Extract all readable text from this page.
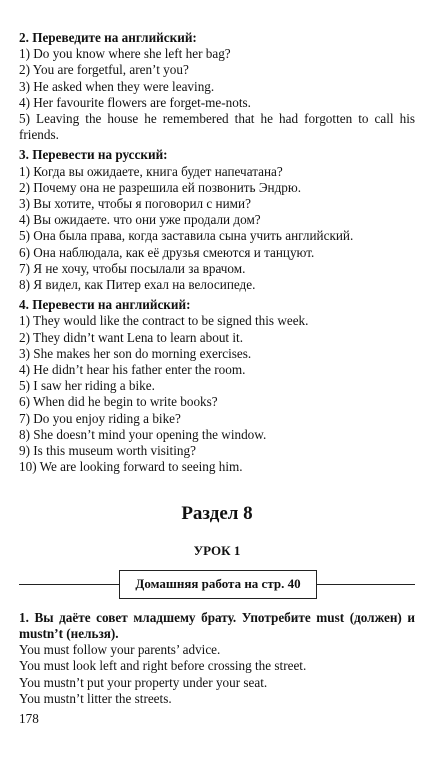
2. Переведите на английский:

1) Do you know where she left her bag?

2) You are forgetful, aren’t you?

3) He asked when they were leaving.

4) Her favourite flowers are forget-me-nots.

5) Leaving the house he remembered that he had forgotten to call his friends.

3. Перевести на русский:

1) Когда вы ожидаете, книга будет напечатана?

2) Почему она не разрешила ей позвонить Эндрю.

3) Вы хотите, чтобы я поговорил с ними?

4) Вы ожидаете. что они уже продали дом?

5) Она была права, когда заставила сына учить английский.

6) Она наблюдала, как её друзья смеются и танцуют.

7) Я не хочу, чтобы посылали за врачом.

8) Я видел, как Питер ехал на велосипеде.

4. Перевести на английский:

1) They would like the contract to be signed this week.

2) They didn’t want Lena to learn about it.

3) She makes her son do morning exercises.

4) He didn’t hear his father enter the room.

5) I saw her riding a bike.

6) When did he begin to write books?

7) Do you enjoy riding a bike?

8) She doesn’t mind your opening the window.

9) Is this museum worth visiting?

10) We are looking forward to seeing him.

Раздел 8
УРОК 1
Домашняя работа на стр. 40

1. Вы даёте совет младшему брату. Употребите must (должен) и mustn’t (нельзя).

You must follow your parents’ advice.

You must look left and right before crossing the street.

You mustn’t put your property under your seat.

You mustn’t litter the streets.

178
